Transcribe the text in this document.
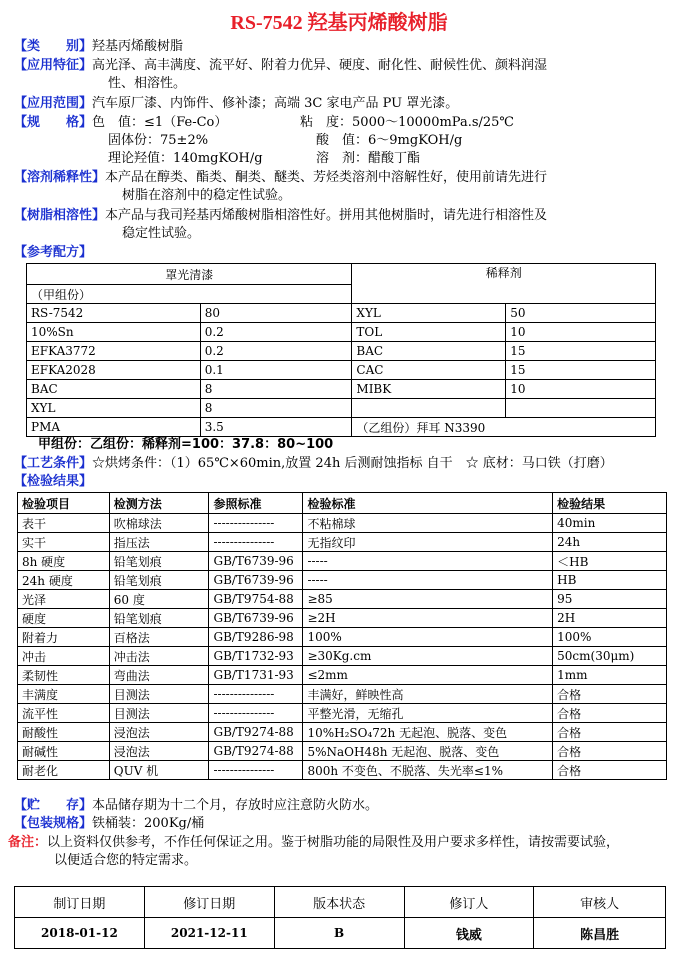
RS-7542 羟基丙烯酸树脂
【类　　别】羟基丙烯酸树脂
【应用特征】高光泽、高丰满度、流平好、附着力优异、硬度、耐化性、耐候性优、颜料润湿
性、相溶性。
【应用范围】汽车原厂漆、内饰件、修补漆；高端 3C 家电产品 PU 罩光漆。
【规　　格】色　值：≤1（Fe-Co）	粘　度：5000～10000mPa.s/25℃
固体份：75±2%	酸　值：6～9mgKOH/g
理论羟值：140mgKOH/g	溶　剂：醋酸丁酯
【溶剂稀释性】本产品在醇类、酯类、酮类、醚类、芳烃类溶剂中溶解性好，使用前请先进行
树脂在溶剂中的稳定性试验。
【树脂相溶性】本产品与我司羟基丙烯酸树脂相溶性好。拼用其他树脂时，请先进行相溶性及
稳定性试验。
【参考配方】
罩光清漆		稀释剂	
（甲组份）			
RS-7542	80	XYL	50
10%Sn	0.2	TOL	10
EFKA3772	0.2	BAC	15
EFKA2028	0.1	CAC	15
BAC	8	MIBK	10
XYL	8		
PMA	3.5	（乙组份）拜耳 N3390	
甲组份：乙组份：稀释剂=100：37.8：80~100
【工艺条件】☆烘烤条件：（1）65℃×60min,放置 24h 后测耐蚀指标 自干　☆ 底材：马口铁（打磨）
【检验结果】
检验项目	检测方法	参照标准	检验标准	检验结果
表干	吹棉球法	---------------	不粘棉球	40min
实干	指压法	---------------	无指纹印	24h
8h 硬度	铅笔划痕	GB/T6739-96	-----	＜HB
24h 硬度	铅笔划痕	GB/T6739-96	-----	HB
光泽	60 度	GB/T9754-88	≥85	95
硬度	铅笔划痕	GB/T6739-96	≥2H	2H
附着力	百格法	GB/T9286-98	100%	100%
冲击	冲击法	GB/T1732-93	≥30Kg.cm	50cm(30μm)
柔韧性	弯曲法	GB/T1731-93	≤2mm	1mm
丰满度	目测法	---------------	丰满好，鲜映性高	合格
流平性	目测法	---------------	平整光滑，无缩孔	合格
耐酸性	浸泡法	GB/T9274-88	10%H₂SO₄72h 无起泡、脱落、变色	合格
耐碱性	浸泡法	GB/T9274-88	5%NaOH48h 无起泡、脱落、变色	合格
耐老化	QUV 机	---------------	800h 不变色、不脱落、失光率≤1%	合格
【贮　　存】本品储存期为十二个月，存放时应注意防火防水。
【包装规格】铁桶装：200Kg/桶
备注：以上资料仅供参考，不作任何保证之用。鉴于树脂功能的局限性及用户要求多样性，请按需要试验，
以便适合您的特定需求。
制订日期	修订日期	版本状态	修订人	审核人
2018-01-12	2021-12-11	B	钱威	陈昌胜
